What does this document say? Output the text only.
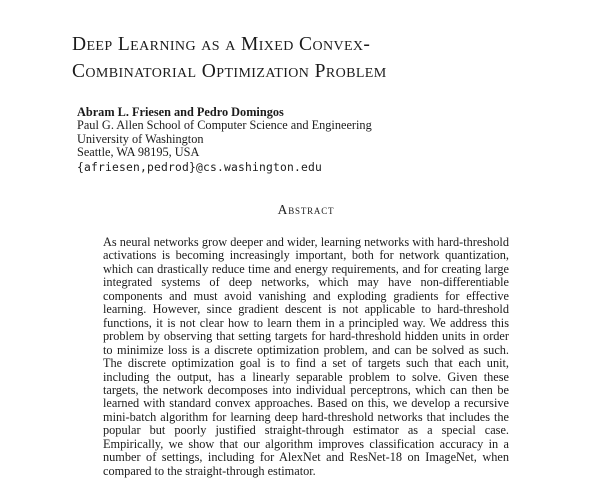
Deep Learning as a Mixed Convex-
Combinatorial Optimization Problem
Abram L. Friesen and Pedro Domingos
Paul G. Allen School of Computer Science and Engineering
University of Washington
Seattle, WA 98195, USA
{afriesen,pedrod}@cs.washington.edu
Abstract
As neural networks grow deeper and wider, learning networks with hard-threshold activations is becoming increasingly important, both for network quantization, which can drastically reduce time and energy requirements, and for creating large integrated systems of deep networks, which may have non-differentiable components and must avoid vanishing and exploding gradients for effective learning. However, since gradient descent is not applicable to hard-threshold functions, it is not clear how to learn them in a principled way. We address this problem by observing that setting targets for hard-threshold hidden units in order to minimize loss is a discrete optimization problem, and can be solved as such. The discrete optimization goal is to find a set of targets such that each unit, including the output, has a linearly separable problem to solve. Given these targets, the network decomposes into individual perceptrons, which can then be learned with standard convex approaches. Based on this, we develop a recursive mini-batch algorithm for learning deep hard-threshold networks that includes the popular but poorly justified straight-through estimator as a special case. Empirically, we show that our algorithm improves classification accuracy in a number of settings, including for AlexNet and ResNet-18 on ImageNet, when compared to the straight-through estimator.
